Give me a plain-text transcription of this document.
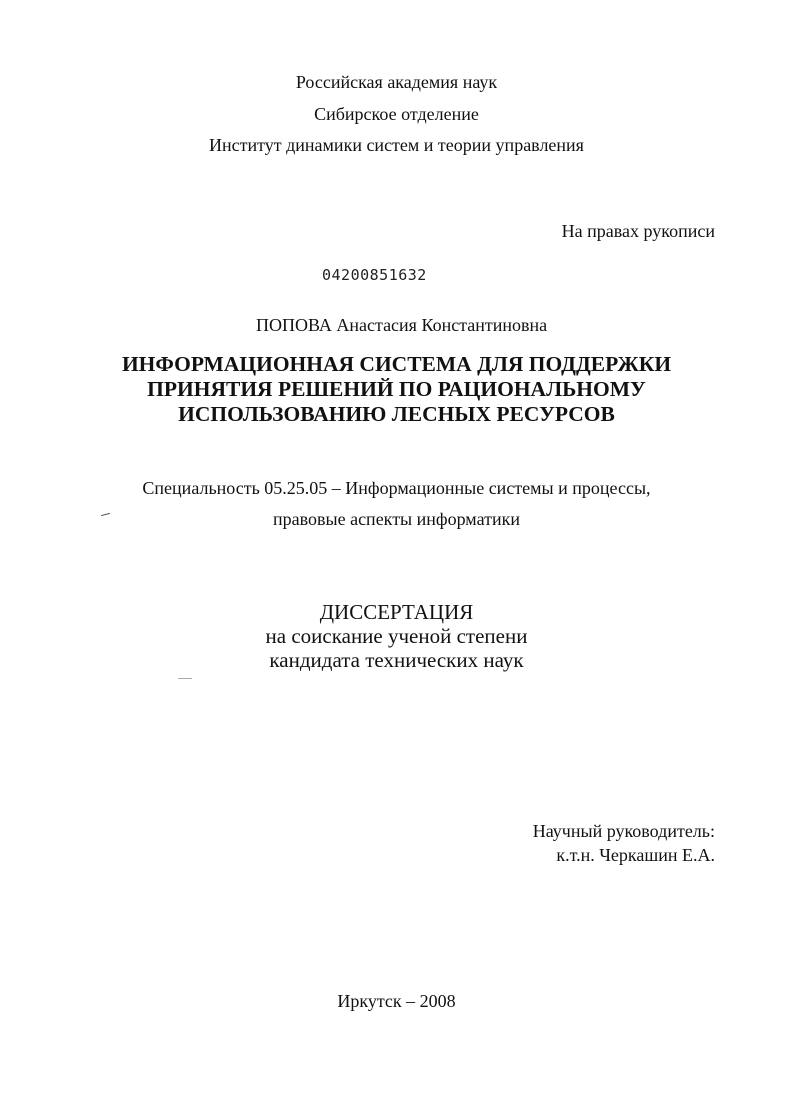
Российская академия наук
Сибирское отделение
Институт динамики систем и теории управления
На правах рукописи
04200851632
ПОПОВА Анастасия Константиновна
ИНФОРМАЦИОННАЯ СИСТЕМА ДЛЯ ПОДДЕРЖКИ
ПРИНЯТИЯ РЕШЕНИЙ ПО РАЦИОНАЛЬНОМУ
ИСПОЛЬЗОВАНИЮ ЛЕСНЫХ РЕСУРСОВ
Специальность 05.25.05 – Информационные системы и процессы,
правовые аспекты информатики
ДИССЕРТАЦИЯ
на соискание ученой степени
кандидата технических наук
Научный руководитель:
к.т.н. Черкашин Е.А.
Иркутск – 2008
